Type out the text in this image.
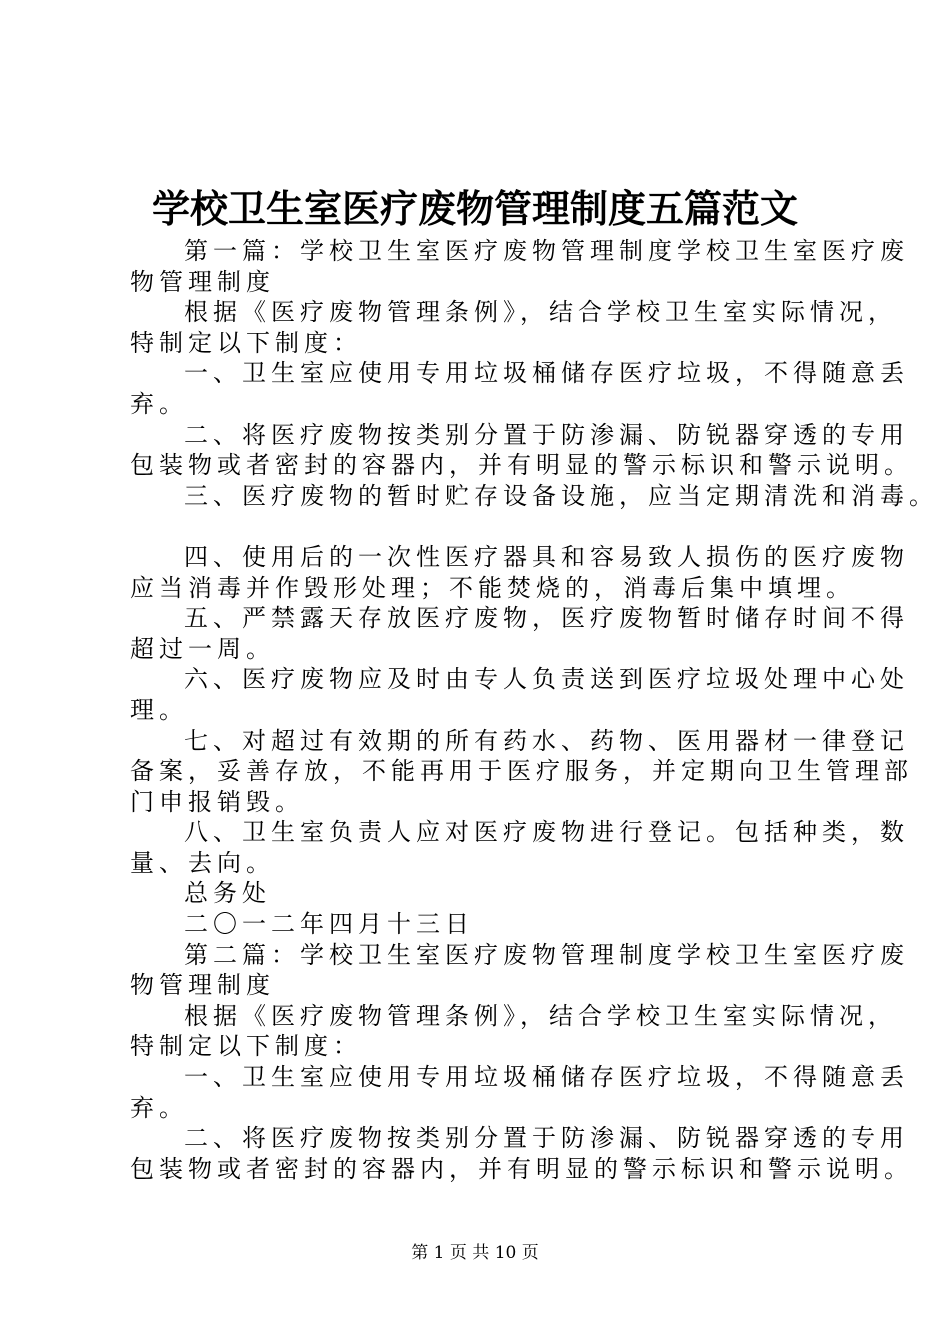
学校卫生室医疗废物管理制度五篇范文
第一篇：学校卫生室医疗废物管理制度学校卫生室医疗废
物管理制度
根据《医疗废物管理条例》，结合学校卫生室实际情况，
特制定以下制度：
一、卫生室应使用专用垃圾桶储存医疗垃圾，不得随意丢
弃。
二、将医疗废物按类别分置于防渗漏、防锐器穿透的专用
包装物或者密封的容器内，并有明显的警示标识和警示说明。
三、医疗废物的暂时贮存设备设施，应当定期清洗和消毒。
四、使用后的一次性医疗器具和容易致人损伤的医疗废物
应当消毒并作毁形处理；不能焚烧的，消毒后集中填埋。
五、严禁露天存放医疗废物，医疗废物暂时储存时间不得
超过一周。
六、医疗废物应及时由专人负责送到医疗垃圾处理中心处
理。
七、对超过有效期的所有药水、药物、医用器材一律登记
备案，妥善存放，不能再用于医疗服务，并定期向卫生管理部
门申报销毁。
八、卫生室负责人应对医疗废物进行登记。包括种类，数
量、去向。
总务处
二〇一二年四月十三日
第二篇：学校卫生室医疗废物管理制度学校卫生室医疗废
物管理制度
根据《医疗废物管理条例》，结合学校卫生室实际情况，
特制定以下制度：
一、卫生室应使用专用垃圾桶储存医疗垃圾，不得随意丢
弃。
二、将医疗废物按类别分置于防渗漏、防锐器穿透的专用
包装物或者密封的容器内，并有明显的警示标识和警示说明。
第 1 页 共 10 页
